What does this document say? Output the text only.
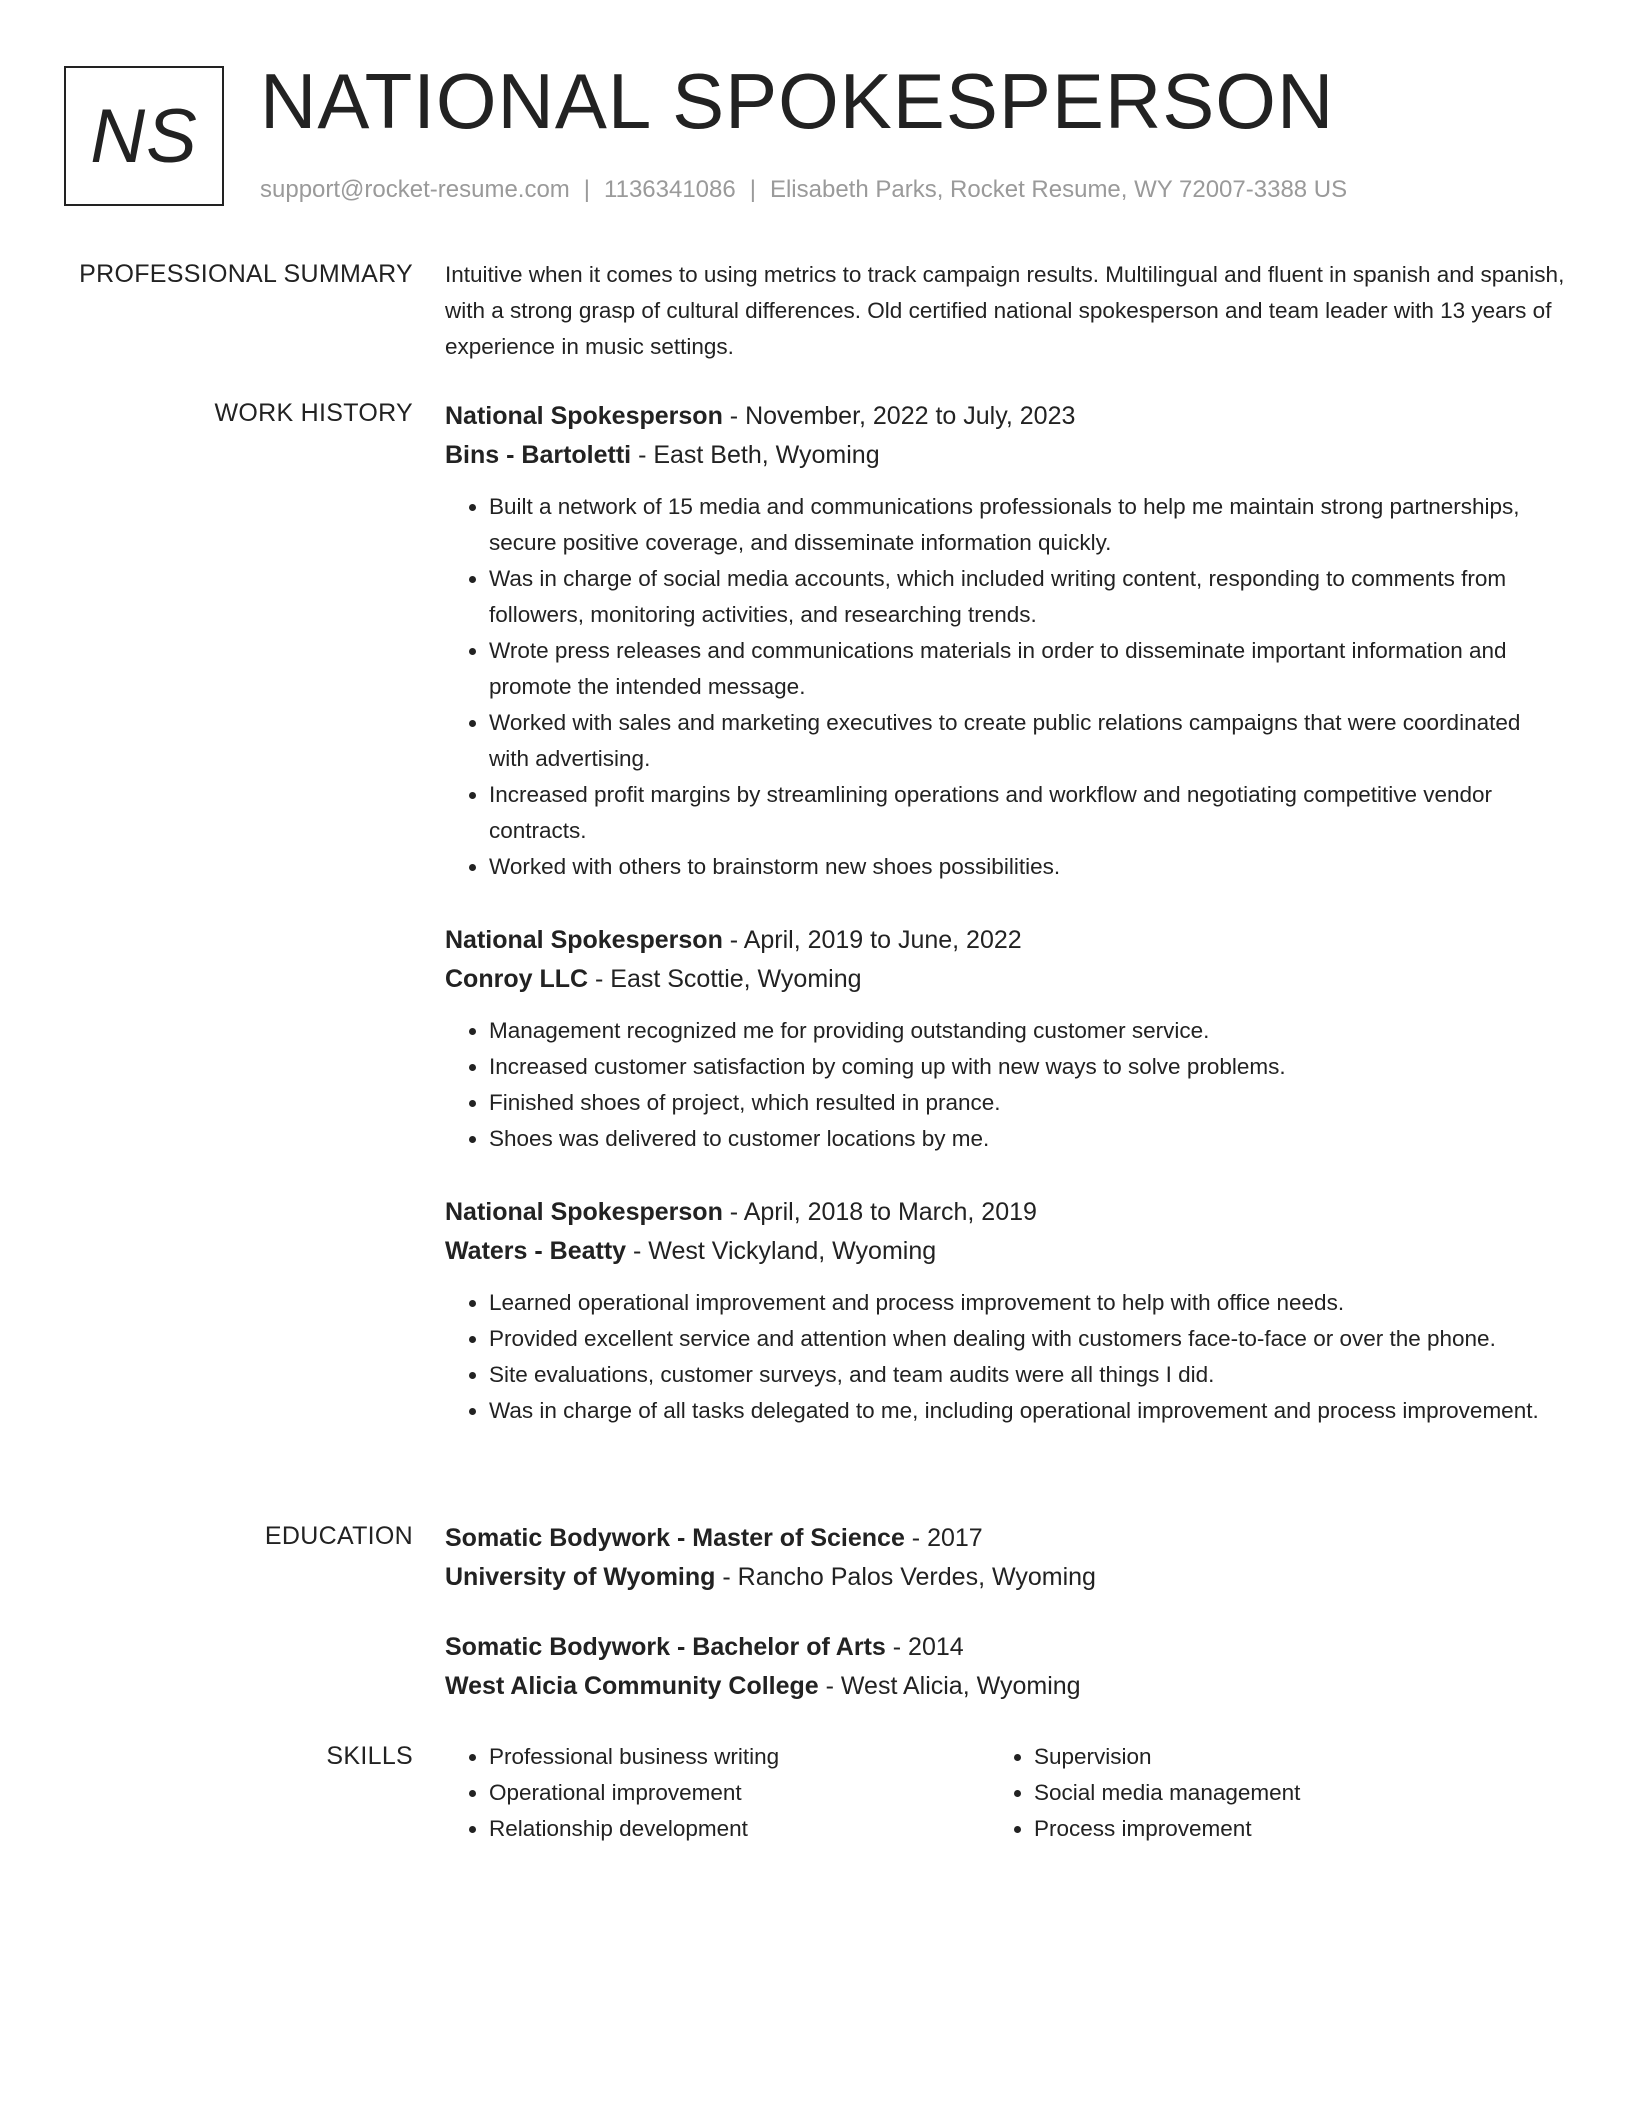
NS NATIONAL SPOKESPERSON
support@rocket-resume.com | 1136341086 | Elisabeth Parks, Rocket Resume, WY 72007-3388 US
PROFESSIONAL SUMMARY Intuitive when it comes to using metrics to track campaign results. Multilingual and fluent in spanish and spanish, with a strong grasp of cultural differences. Old certified national spokesperson and team leader with 13 years of experience in music settings.

WORK HISTORY National Spokesperson - November, 2022 to July, 2023

Bins - Bartoletti - East Beth, Wyoming

• Built a network of 15 media and communications professionals to help me maintain strong partnerships, secure positive coverage, and disseminate information quickly.
• Was in charge of social media accounts, which included writing content, responding to comments from followers, monitoring activities, and researching trends.
• Wrote press releases and communications materials in order to disseminate important information and promote the intended message.
• Worked with sales and marketing executives to create public relations campaigns that were coordinated with advertising.
• Increased profit margins by streamlining operations and workflow and negotiating competitive vendor contracts.
• Worked with others to brainstorm new shoes possibilities.

National Spokesperson - April, 2019 to June, 2022

Conroy LLC - East Scottie, Wyoming

• Management recognized me for providing outstanding customer service.
• Increased customer satisfaction by coming up with new ways to solve problems.
• Finished shoes of project, which resulted in prance.
• Shoes was delivered to customer locations by me.

National Spokesperson - April, 2018 to March, 2019

Waters - Beatty - West Vickyland, Wyoming

• Learned operational improvement and process improvement to help with office needs.
• Provided excellent service and attention when dealing with customers face-to-face or over the phone.
• Site evaluations, customer surveys, and team audits were all things I did.
• Was in charge of all tasks delegated to me, including operational improvement and process improvement.
EDUCATION Somatic Bodywork - Master of Science - 2017

University of Wyoming - Rancho Palos Verdes, Wyoming

Somatic Bodywork - Bachelor of Arts - 2014

West Alicia Community College - West Alicia, Wyoming

SKILLS
•	Professional business writing
• Operational improvement
• Relationship development
• Supervision
• Social media management
• Process improvement
